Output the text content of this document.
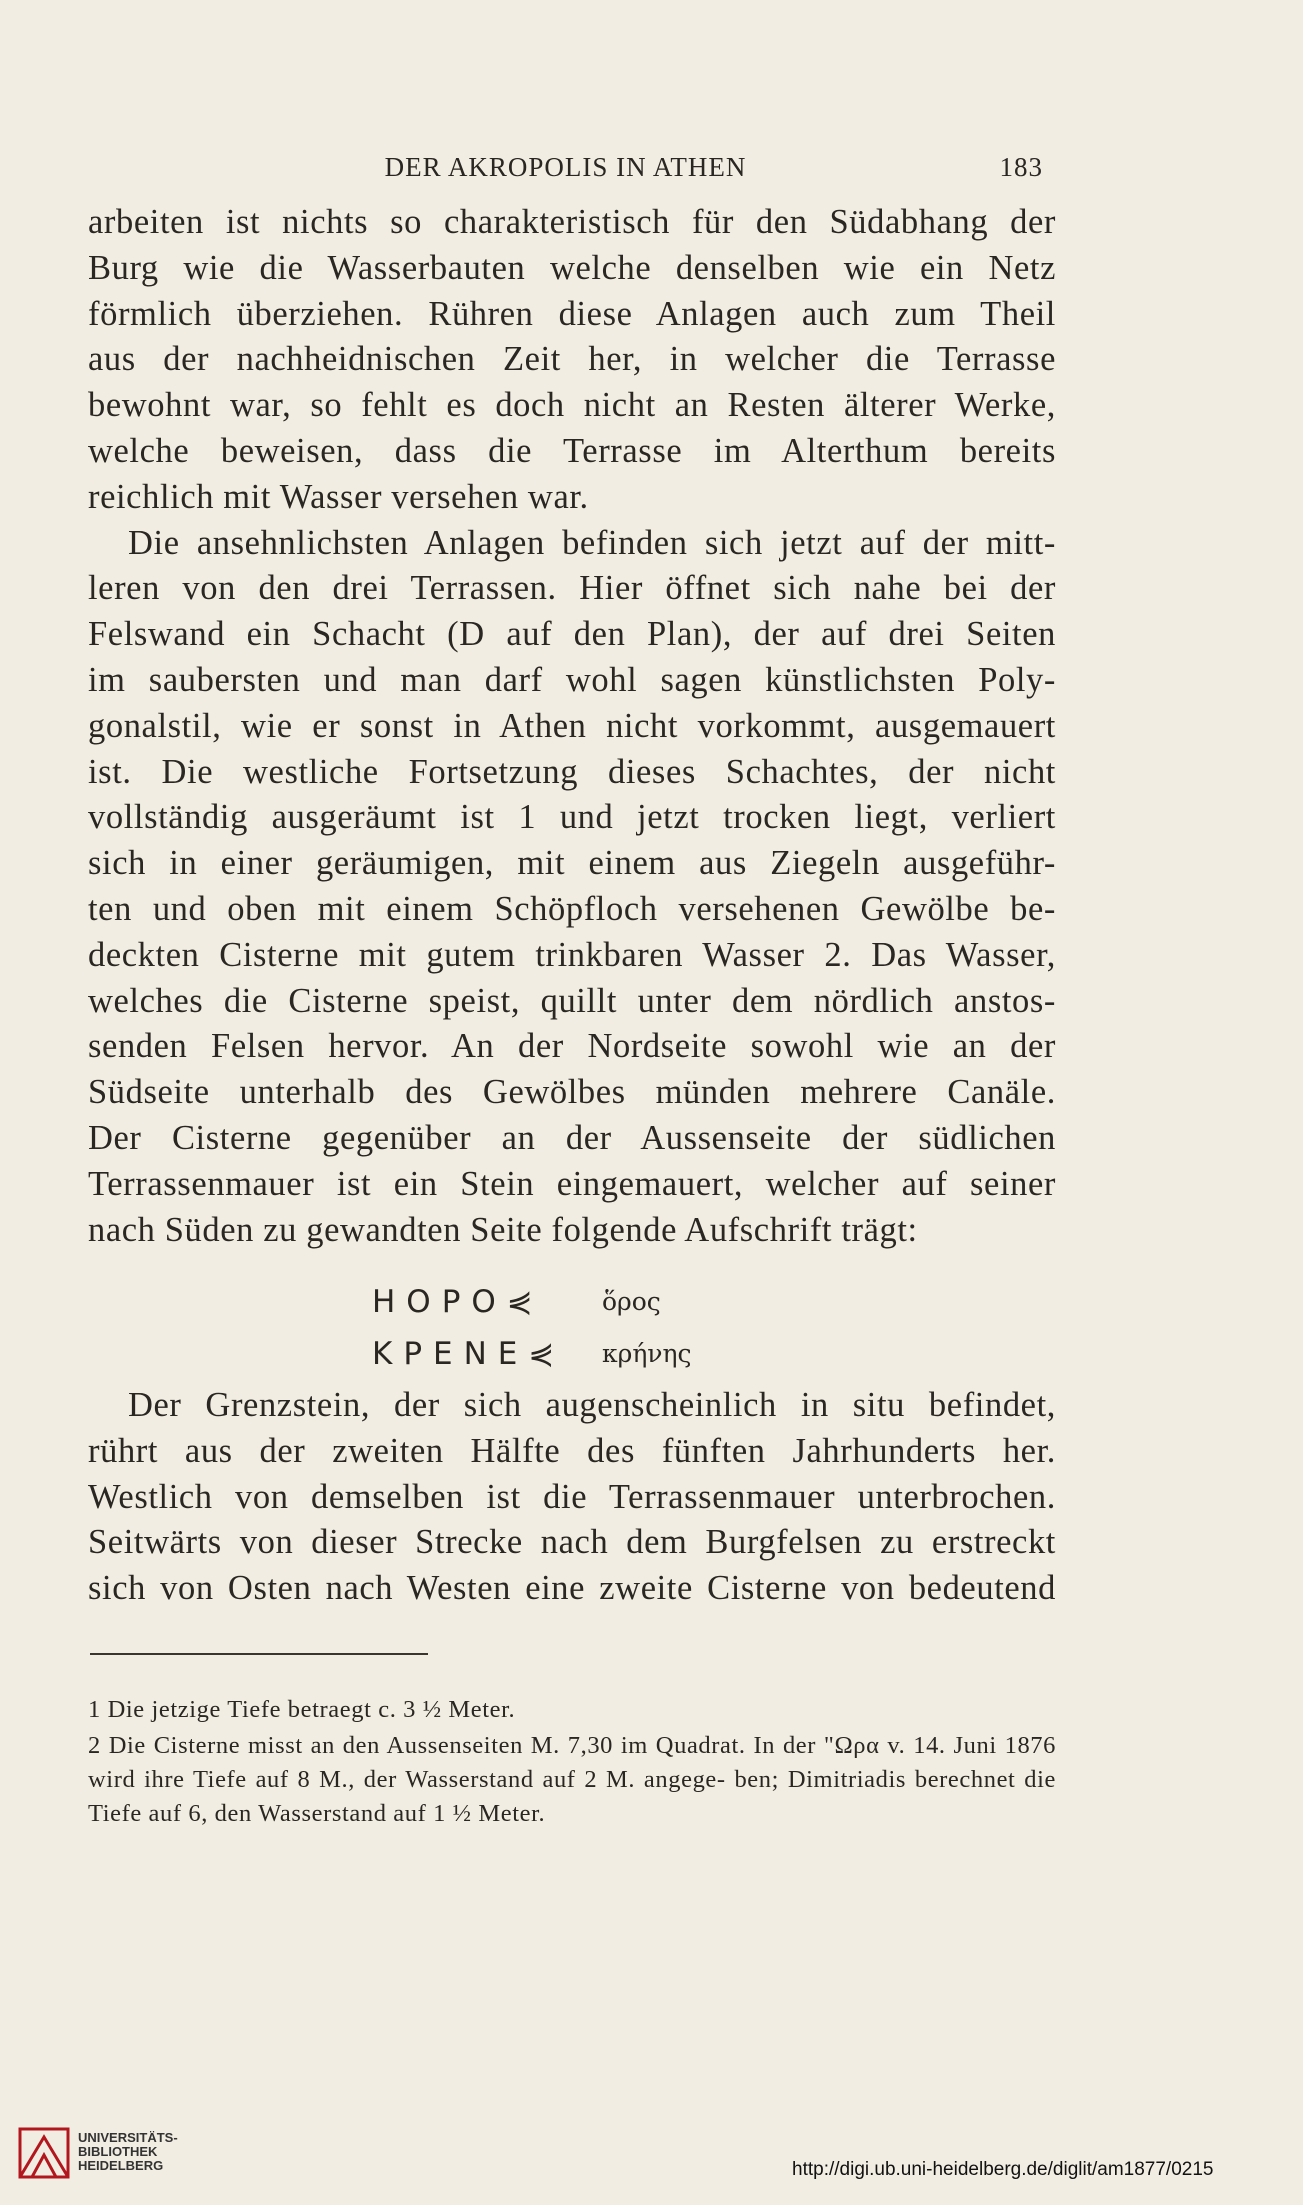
DER AKROPOLIS IN ATHEN	183
arbeiten ist nichts so charakteristisch für den Südabhang der
Burg wie die Wasserbauten welche denselben wie ein Netz
förmlich überziehen. Rühren diese Anlagen auch zum Theil
aus der nachheidnischen Zeit her, in welcher die Terrasse
bewohnt war, so fehlt es doch nicht an Resten älterer Werke,
welche beweisen, dass die Terrasse im Alterthum bereits
reichlich mit Wasser versehen war.
Die ansehnlichsten Anlagen befinden sich jetzt auf der mitt-
leren von den drei Terrassen. Hier öffnet sich nahe bei der
Felswand ein Schacht (D auf den Plan), der auf drei Seiten
im saubersten und man darf wohl sagen künstlichsten Poly-
gonalstil, wie er sonst in Athen nicht vorkommt, ausgemauert
ist. Die westliche Fortsetzung dieses Schachtes, der nicht
vollständig ausgeräumt ist 1 und jetzt trocken liegt, verliert
sich in einer geräumigen, mit einem aus Ziegeln ausgeführ-
ten und oben mit einem Schöpfloch versehenen Gewölbe be-
deckten Cisterne mit gutem trinkbaren Wasser 2. Das Wasser,
welches die Cisterne speist, quillt unter dem nördlich anstos-
senden Felsen hervor. An der Nordseite sowohl wie an der
Südseite unterhalb des Gewölbes münden mehrere Canäle.
Der Cisterne gegenüber an der Aussenseite der südlichen
Terrassenmauer ist ein Stein eingemauert, welcher auf seiner
nach Süden zu gewandten Seite folgende Aufschrift trägt:
HOPO⋞	ὅρος
KPENE⋞	κρήνης
Der Grenzstein, der sich augenscheinlich in situ befindet,
rührt aus der zweiten Hälfte des fünften Jahrhunderts her.
Westlich von demselben ist die Terrassenmauer unterbrochen.
Seitwärts von dieser Strecke nach dem Burgfelsen zu erstreckt
sich von Osten nach Westen eine zweite Cisterne von bedeutend
1 Die jetzige Tiefe betraegt c. 3 ½ Meter.
2 Die Cisterne misst an den Aussenseiten M. 7,30 im Quadrat. In der "Ωρα v. 14. Juni 1876 wird ihre Tiefe auf 8 M., der Wasserstand auf 2 M. angege- ben; Dimitriadis berechnet die Tiefe auf 6, den Wasserstand auf 1 ½ Meter.
UNIVERSITÄTS-
BIBLIOTHEK
HEIDELBERG	http://digi.ub.uni-heidelberg.de/diglit/am1877/0215
